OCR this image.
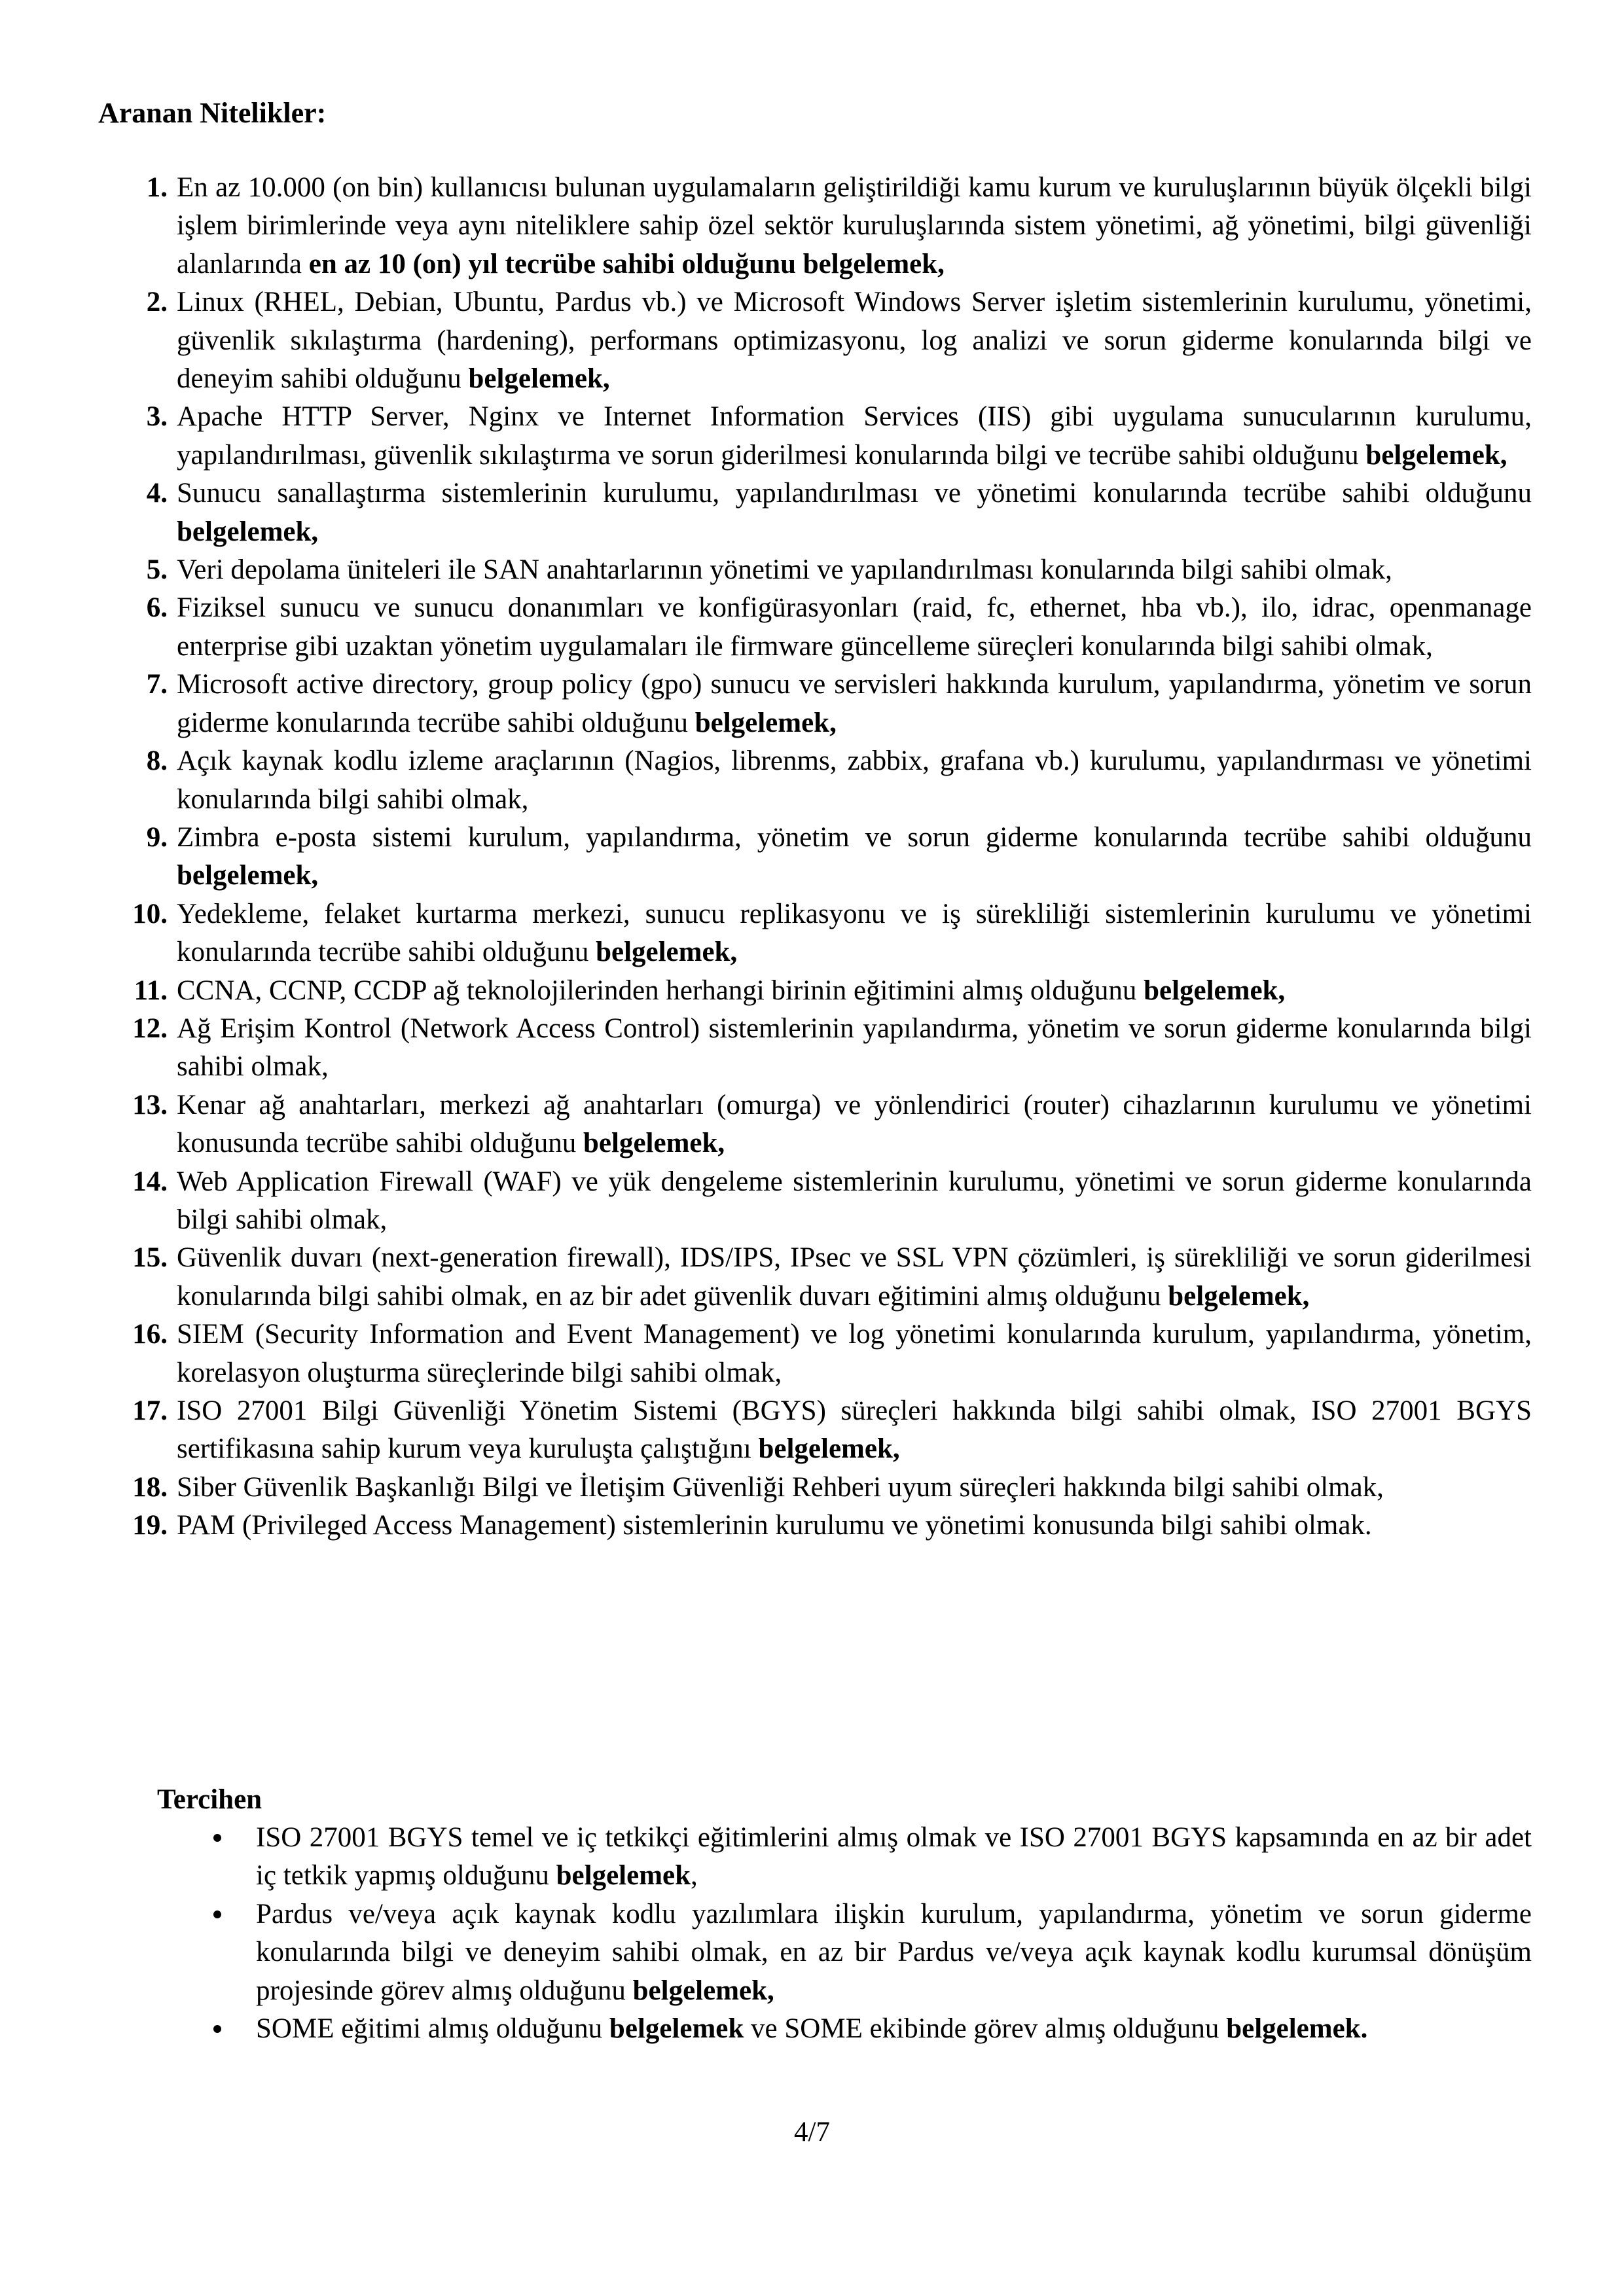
Aranan Nitelikler:

1. En az 10.000 (on bin) kullanıcısı bulunan uygulamaların geliştirildiği kamu kurum ve kuruluşlarının büyük ölçekli bilgi işlem birimlerinde veya aynı niteliklere sahip özel sektör kuruluşlarında sistem yönetimi, ağ yönetimi, bilgi güvenliği alanlarında en az 10 (on) yıl tecrübe sahibi olduğunu belgelemek,
2. Linux (RHEL, Debian, Ubuntu, Pardus vb.) ve Microsoft Windows Server işletim sistemlerinin kurulumu, yönetimi, güvenlik sıkılaştırma (hardening), performans optimizasyonu, log analizi ve sorun giderme konularında bilgi ve deneyim sahibi olduğunu belgelemek,
3. Apache HTTP Server, Nginx ve Internet Information Services (IIS) gibi uygulama sunucularının kurulumu, yapılandırılması, güvenlik sıkılaştırma ve sorun giderilmesi konularında bilgi ve tecrübe sahibi olduğunu belgelemek,
4. Sunucu sanallaştırma sistemlerinin kurulumu, yapılandırılması ve yönetimi konularında tecrübe sahibi olduğunu belgelemek,
5. Veri depolama üniteleri ile SAN anahtarlarının yönetimi ve yapılandırılması konularında bilgi sahibi olmak,
6. Fiziksel sunucu ve sunucu donanımları ve konfigürasyonları (raid, fc, ethernet, hba vb.), ilo, idrac, openmanage enterprise gibi uzaktan yönetim uygulamaları ile firmware güncelleme süreçleri konularında bilgi sahibi olmak,
7. Microsoft active directory, group policy (gpo) sunucu ve servisleri hakkında kurulum, yapılandırma, yönetim ve sorun giderme konularında tecrübe sahibi olduğunu belgelemek,
8. Açık kaynak kodlu izleme araçlarının (Nagios, librenms, zabbix, grafana vb.) kurulumu, yapılandırması ve yönetimi konularında bilgi sahibi olmak,
9. Zimbra e-posta sistemi kurulum, yapılandırma, yönetim ve sorun giderme konularında tecrübe sahibi olduğunu belgelemek,
10. Yedekleme, felaket kurtarma merkezi, sunucu replikasyonu ve iş sürekliliği sistemlerinin kurulumu ve yönetimi konularında tecrübe sahibi olduğunu belgelemek,
11. CCNA, CCNP, CCDP ağ teknolojilerinden herhangi birinin eğitimini almış olduğunu belgelemek,
12. Ağ Erişim Kontrol (Network Access Control) sistemlerinin yapılandırma, yönetim ve sorun giderme konularında bilgi sahibi olmak,
13. Kenar ağ anahtarları, merkezi ağ anahtarları (omurga) ve yönlendirici (router) cihazlarının kurulumu ve yönetimi konusunda tecrübe sahibi olduğunu belgelemek,
14. Web Application Firewall (WAF) ve yük dengeleme sistemlerinin kurulumu, yönetimi ve sorun giderme konularında bilgi sahibi olmak,
15. Güvenlik duvarı (next-generation firewall), IDS/IPS, IPsec ve SSL VPN çözümleri, iş sürekliliği ve sorun giderilmesi konularında bilgi sahibi olmak, en az bir adet güvenlik duvarı eğitimini almış olduğunu belgelemek,
16. SIEM (Security Information and Event Management) ve log yönetimi konularında kurulum, yapılandırma, yönetim, korelasyon oluşturma süreçlerinde bilgi sahibi olmak,
17. ISO 27001 Bilgi Güvenliği Yönetim Sistemi (BGYS) süreçleri hakkında bilgi sahibi olmak, ISO 27001 BGYS sertifikasına sahip kurum veya kuruluşta çalıştığını belgelemek,
18. Siber Güvenlik Başkanlığı Bilgi ve İletişim Güvenliği Rehberi uyum süreçleri hakkında bilgi sahibi olmak,
19. PAM (Privileged Access Management) sistemlerinin kurulumu ve yönetimi konusunda bilgi sahibi olmak.

Tercihen

ISO 27001 BGYS temel ve iç tetkikçi eğitimlerini almış olmak ve ISO 27001 BGYS kapsamında en az bir adet iç tetkik yapmış olduğunu belgelemek,
Pardus ve/veya açık kaynak kodlu yazılımlara ilişkin kurulum, yapılandırma, yönetim ve sorun giderme konularında bilgi ve deneyim sahibi olmak, en az bir Pardus ve/veya açık kaynak kodlu kurumsal dönüşüm projesinde görev almış olduğunu belgelemek,
SOME eğitimi almış olduğunu belgelemek ve SOME ekibinde görev almış olduğunu belgelemek.

4/7
